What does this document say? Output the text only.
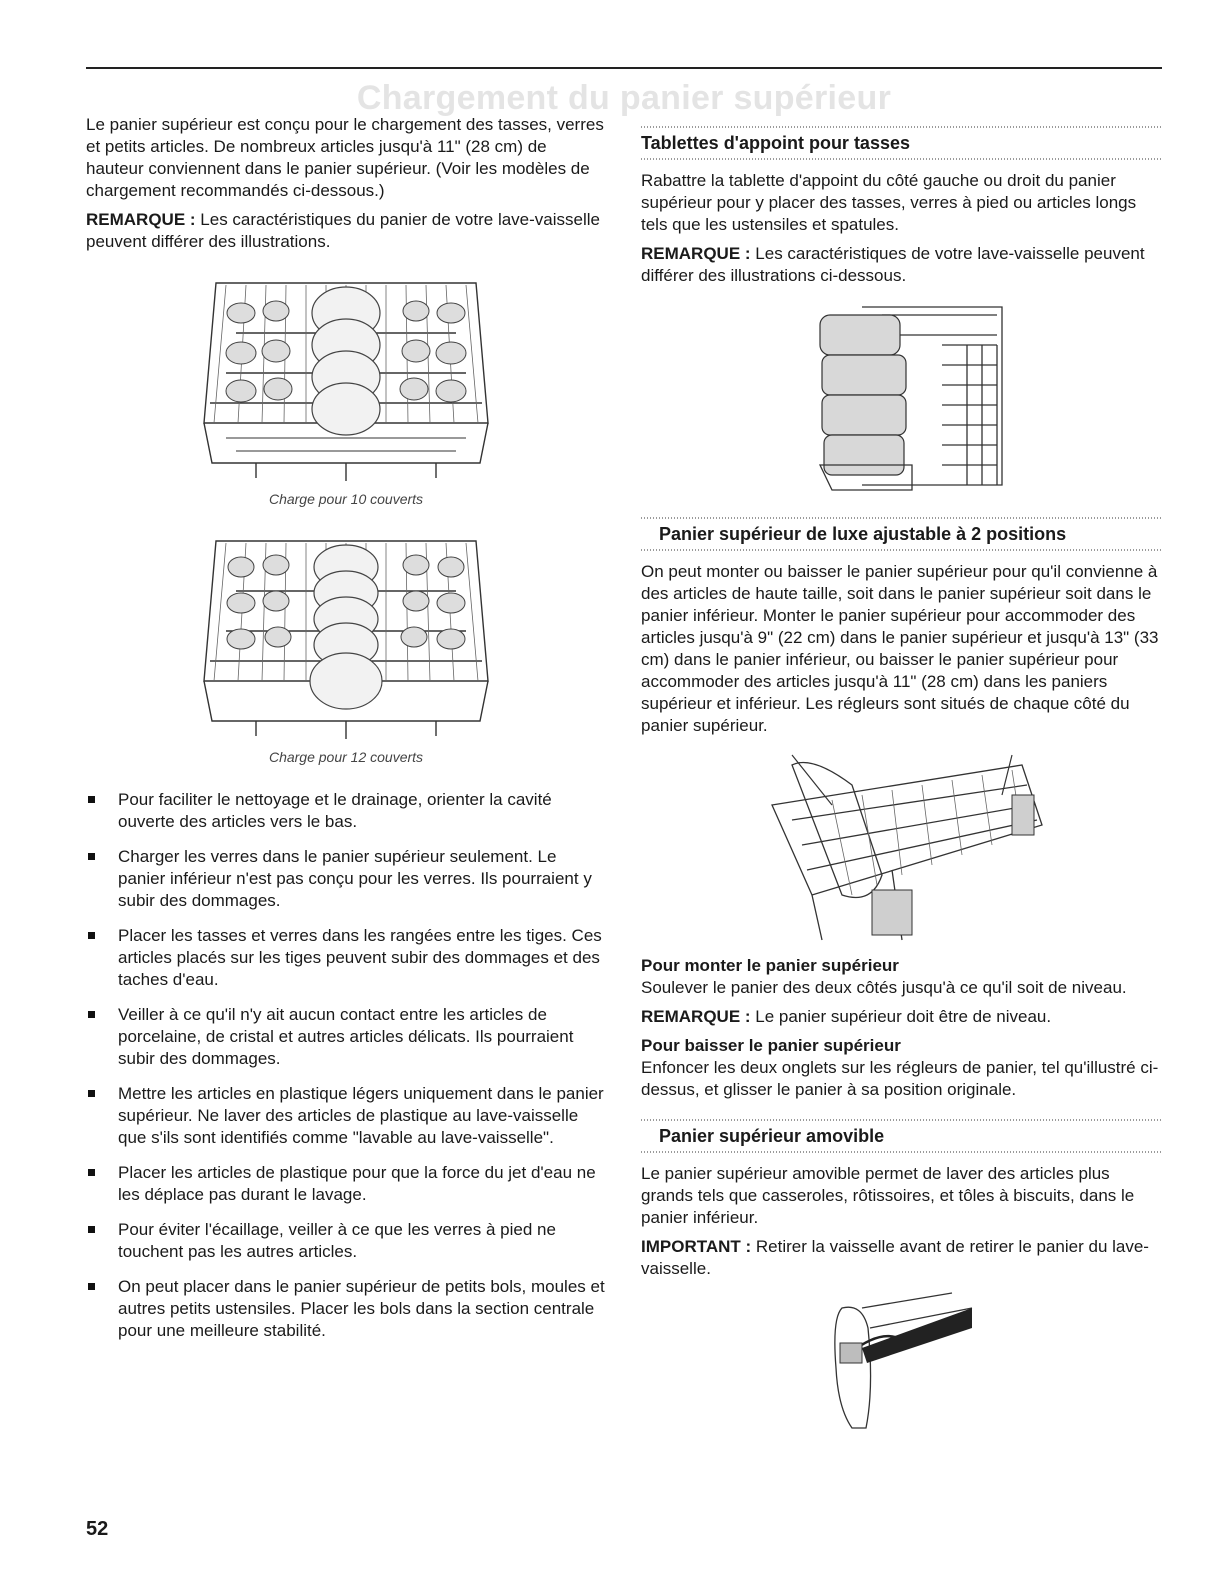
Chargement du panier supérieur

Le panier supérieur est conçu pour le chargement des tasses, verres et petits articles. De nombreux articles jusqu'à 11" (28 cm) de hauteur conviennent dans le panier supérieur. (Voir les modèles de chargement recommandés ci-dessous.)

REMARQUE : Les caractéristiques du panier de votre lave-vaisselle peuvent différer des illustrations.

Charge pour 10 couverts
Charge pour 12 couverts
Pour faciliter le nettoyage et le drainage, orienter la cavité ouverte des articles vers le bas.
Charger les verres dans le panier supérieur seulement. Le panier inférieur n'est pas conçu pour les verres. Ils pourraient y subir des dommages.
Placer les tasses et verres dans les rangées entre les tiges. Ces articles placés sur les tiges peuvent subir des dommages et des taches d'eau.
Veiller à ce qu'il n'y ait aucun contact entre les articles de porcelaine, de cristal et autres articles délicats. Ils pourraient subir des dommages.
Mettre les articles en plastique légers uniquement dans le panier supérieur. Ne laver des articles de plastique au lave-vaisselle que s'ils sont identifiés comme "lavable au lave-vaisselle".
Placer les articles de plastique pour que la force du jet d'eau ne les déplace pas durant le lavage.
Pour éviter l'écaillage, veiller à ce que les verres à pied ne touchent pas les autres articles.
On peut placer dans le panier supérieur de petits bols, moules et autres petits ustensiles. Placer les bols dans la section centrale pour une meilleure stabilité.
Tablettes d'appoint pour tasses

Rabattre la tablette d'appoint du côté gauche ou droit du panier supérieur pour y placer des tasses, verres à pied ou articles longs tels que les ustensiles et spatules.

REMARQUE : Les caractéristiques de votre lave-vaisselle peuvent différer des illustrations ci-dessous.

Panier supérieur de luxe ajustable à 2 positions

On peut monter ou baisser le panier supérieur pour qu'il convienne à des articles de haute taille, soit dans le panier supérieur soit dans le panier inférieur. Monter le panier supérieur pour accommoder des articles jusqu'à 9" (22 cm) dans le panier supérieur et jusqu'à 13" (33 cm) dans le panier inférieur, ou baisser le panier supérieur pour accommoder des articles jusqu'à 11" (28 cm) dans les paniers supérieur et inférieur. Les régleurs sont situés de chaque côté du panier supérieur.

Pour monter le panier supérieur

Soulever le panier des deux côtés jusqu'à ce qu'il soit de niveau.

REMARQUE : Le panier supérieur doit être de niveau.

Pour baisser le panier supérieur

Enfoncer les deux onglets sur les régleurs de panier, tel qu'illustré ci-dessus, et glisser le panier à sa position originale.

Panier supérieur amovible

Le panier supérieur amovible permet de laver des articles plus grands tels que casseroles, rôtissoires, et tôles à biscuits, dans le panier inférieur.

IMPORTANT : Retirer la vaisselle avant de retirer le panier du lave-vaisselle.

52
